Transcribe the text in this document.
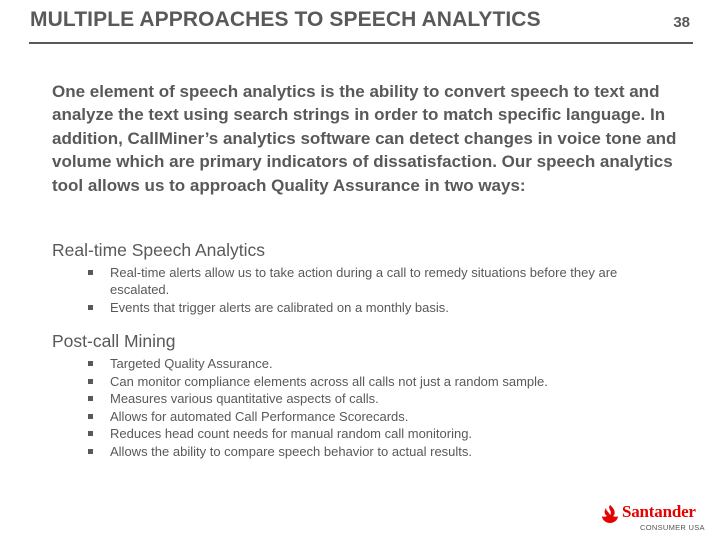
MULTIPLE APPROACHES TO SPEECH ANALYTICS	38

One element of speech analytics is the ability to convert speech to text and analyze the text using search strings in order to match specific language. In addition, CallMiner’s analytics software can detect changes in voice tone and volume which are primary indicators of dissatisfaction. Our speech analytics tool allows us to approach Quality Assurance in two ways:

Real-time Speech Analytics
Real-time alerts allow us to take action during a call to remedy situations before they are escalated.
Events that trigger alerts are calibrated on a monthly basis.
Post-call Mining
Targeted Quality Assurance.
Can monitor compliance elements across all calls not just a random sample.
Measures various quantitative aspects of calls.
Allows for automated Call Performance Scorecards.
Reduces head count needs for manual random call monitoring.
Allows the ability to compare speech behavior to actual results.
Santander
CONSUMER USA
